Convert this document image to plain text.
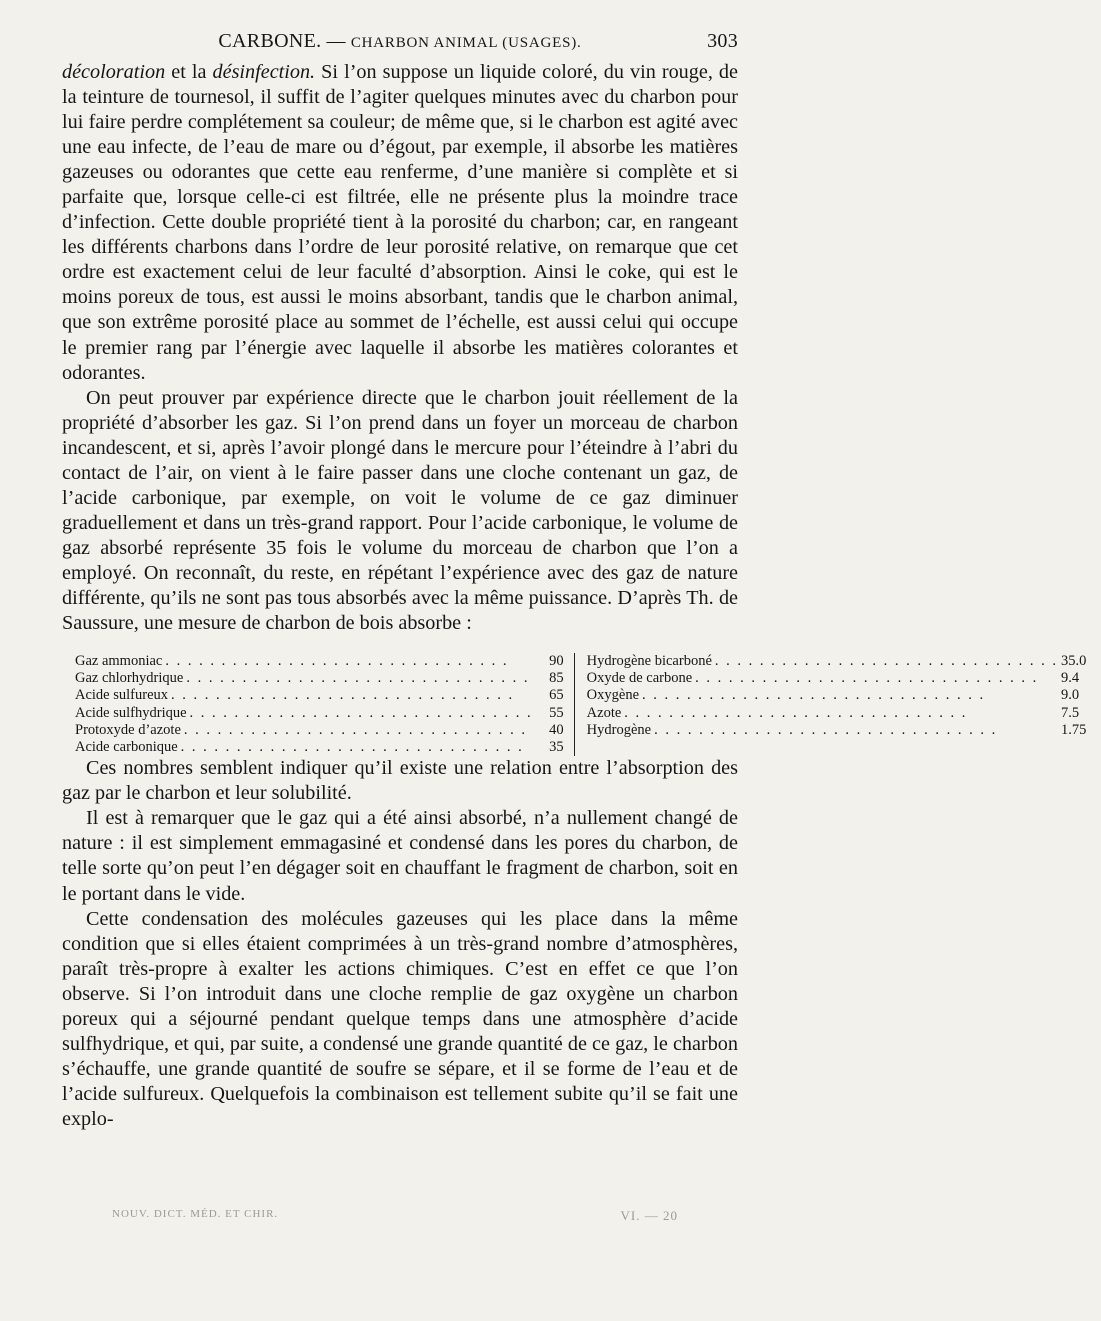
CARBONE. — CHARBON ANIMAL (USAGES).	303

décoloration et la désinfection. Si l’on suppose un liquide coloré, du vin rouge, de la teinture de tournesol, il suffit de l’agiter quelques minutes avec du charbon pour lui faire perdre complétement sa couleur; de même que, si le charbon est agité avec une eau infecte, de l’eau de mare ou d’égout, par exemple, il absorbe les matières gazeuses ou odorantes que cette eau renferme, d’une manière si complète et si parfaite que, lorsque celle-ci est filtrée, elle ne présente plus la moindre trace d’infection. Cette double propriété tient à la porosité du charbon; car, en rangeant les différents charbons dans l’ordre de leur porosité relative, on remarque que cet ordre est exactement celui de leur faculté d’absorption. Ainsi le coke, qui est le moins poreux de tous, est aussi le moins absorbant, tandis que le charbon animal, que son extrême porosité place au sommet de l’échelle, est aussi celui qui occupe le premier rang par l’énergie avec laquelle il absorbe les matières colorantes et odorantes.

On peut prouver par expérience directe que le charbon jouit réellement de la propriété d’absorber les gaz. Si l’on prend dans un foyer un morceau de charbon incandescent, et si, après l’avoir plongé dans le mercure pour l’éteindre à l’abri du contact de l’air, on vient à le faire passer dans une cloche contenant un gaz, de l’acide carbonique, par exemple, on voit le volume de ce gaz diminuer graduellement et dans un très-grand rapport. Pour l’acide carbonique, le volume de gaz absorbé représente 35 fois le volume du morceau de charbon que l’on a employé. On reconnaît, du reste, en répétant l’expérience avec des gaz de nature différente, qu’ils ne sont pas tous absorbés avec la même puissance. D’après Th. de Saussure, une mesure de charbon de bois absorbe :

Gaz ammoniac . . .	90
Gaz chlorhydrique . . .	85
Acide sulfureux . . .	65
Acide sulfhydrique . . .	55
Protoxyde d’azote . . .	40
Acide carbonique . . .	35
Hydrogène bicarboné . . .	35.0
Oxyde de carbone . . .	9.4
Oxygène . . .	9.0
Azote . . .	7.5
Hydrogène . . .	1.75

Ces nombres semblent indiquer qu’il existe une relation entre l’absorption des gaz par le charbon et leur solubilité.

Il est à remarquer que le gaz qui a été ainsi absorbé, n’a nullement changé de nature : il est simplement emmagasiné et condensé dans les pores du charbon, de telle sorte qu’on peut l’en dégager soit en chauffant le fragment de charbon, soit en le portant dans le vide.

Cette condensation des molécules gazeuses qui les place dans la même condition que si elles étaient comprimées à un très-grand nombre d’atmosphères, paraît très-propre à exalter les actions chimiques. C’est en effet ce que l’on observe. Si l’on introduit dans une cloche remplie de gaz oxygène un charbon poreux qui a séjourné pendant quelque temps dans une atmosphère d’acide sulfhydrique, et qui, par suite, a condensé une grande quantité de ce gaz, le charbon s’échauffe, une grande quantité de soufre se sépare, et il se forme de l’eau et de l’acide sulfureux. Quelquefois la combinaison est tellement subite qu’il se fait une explo-

NOUV. DICT. MÉD. ET CHIR.	VI. — 20
